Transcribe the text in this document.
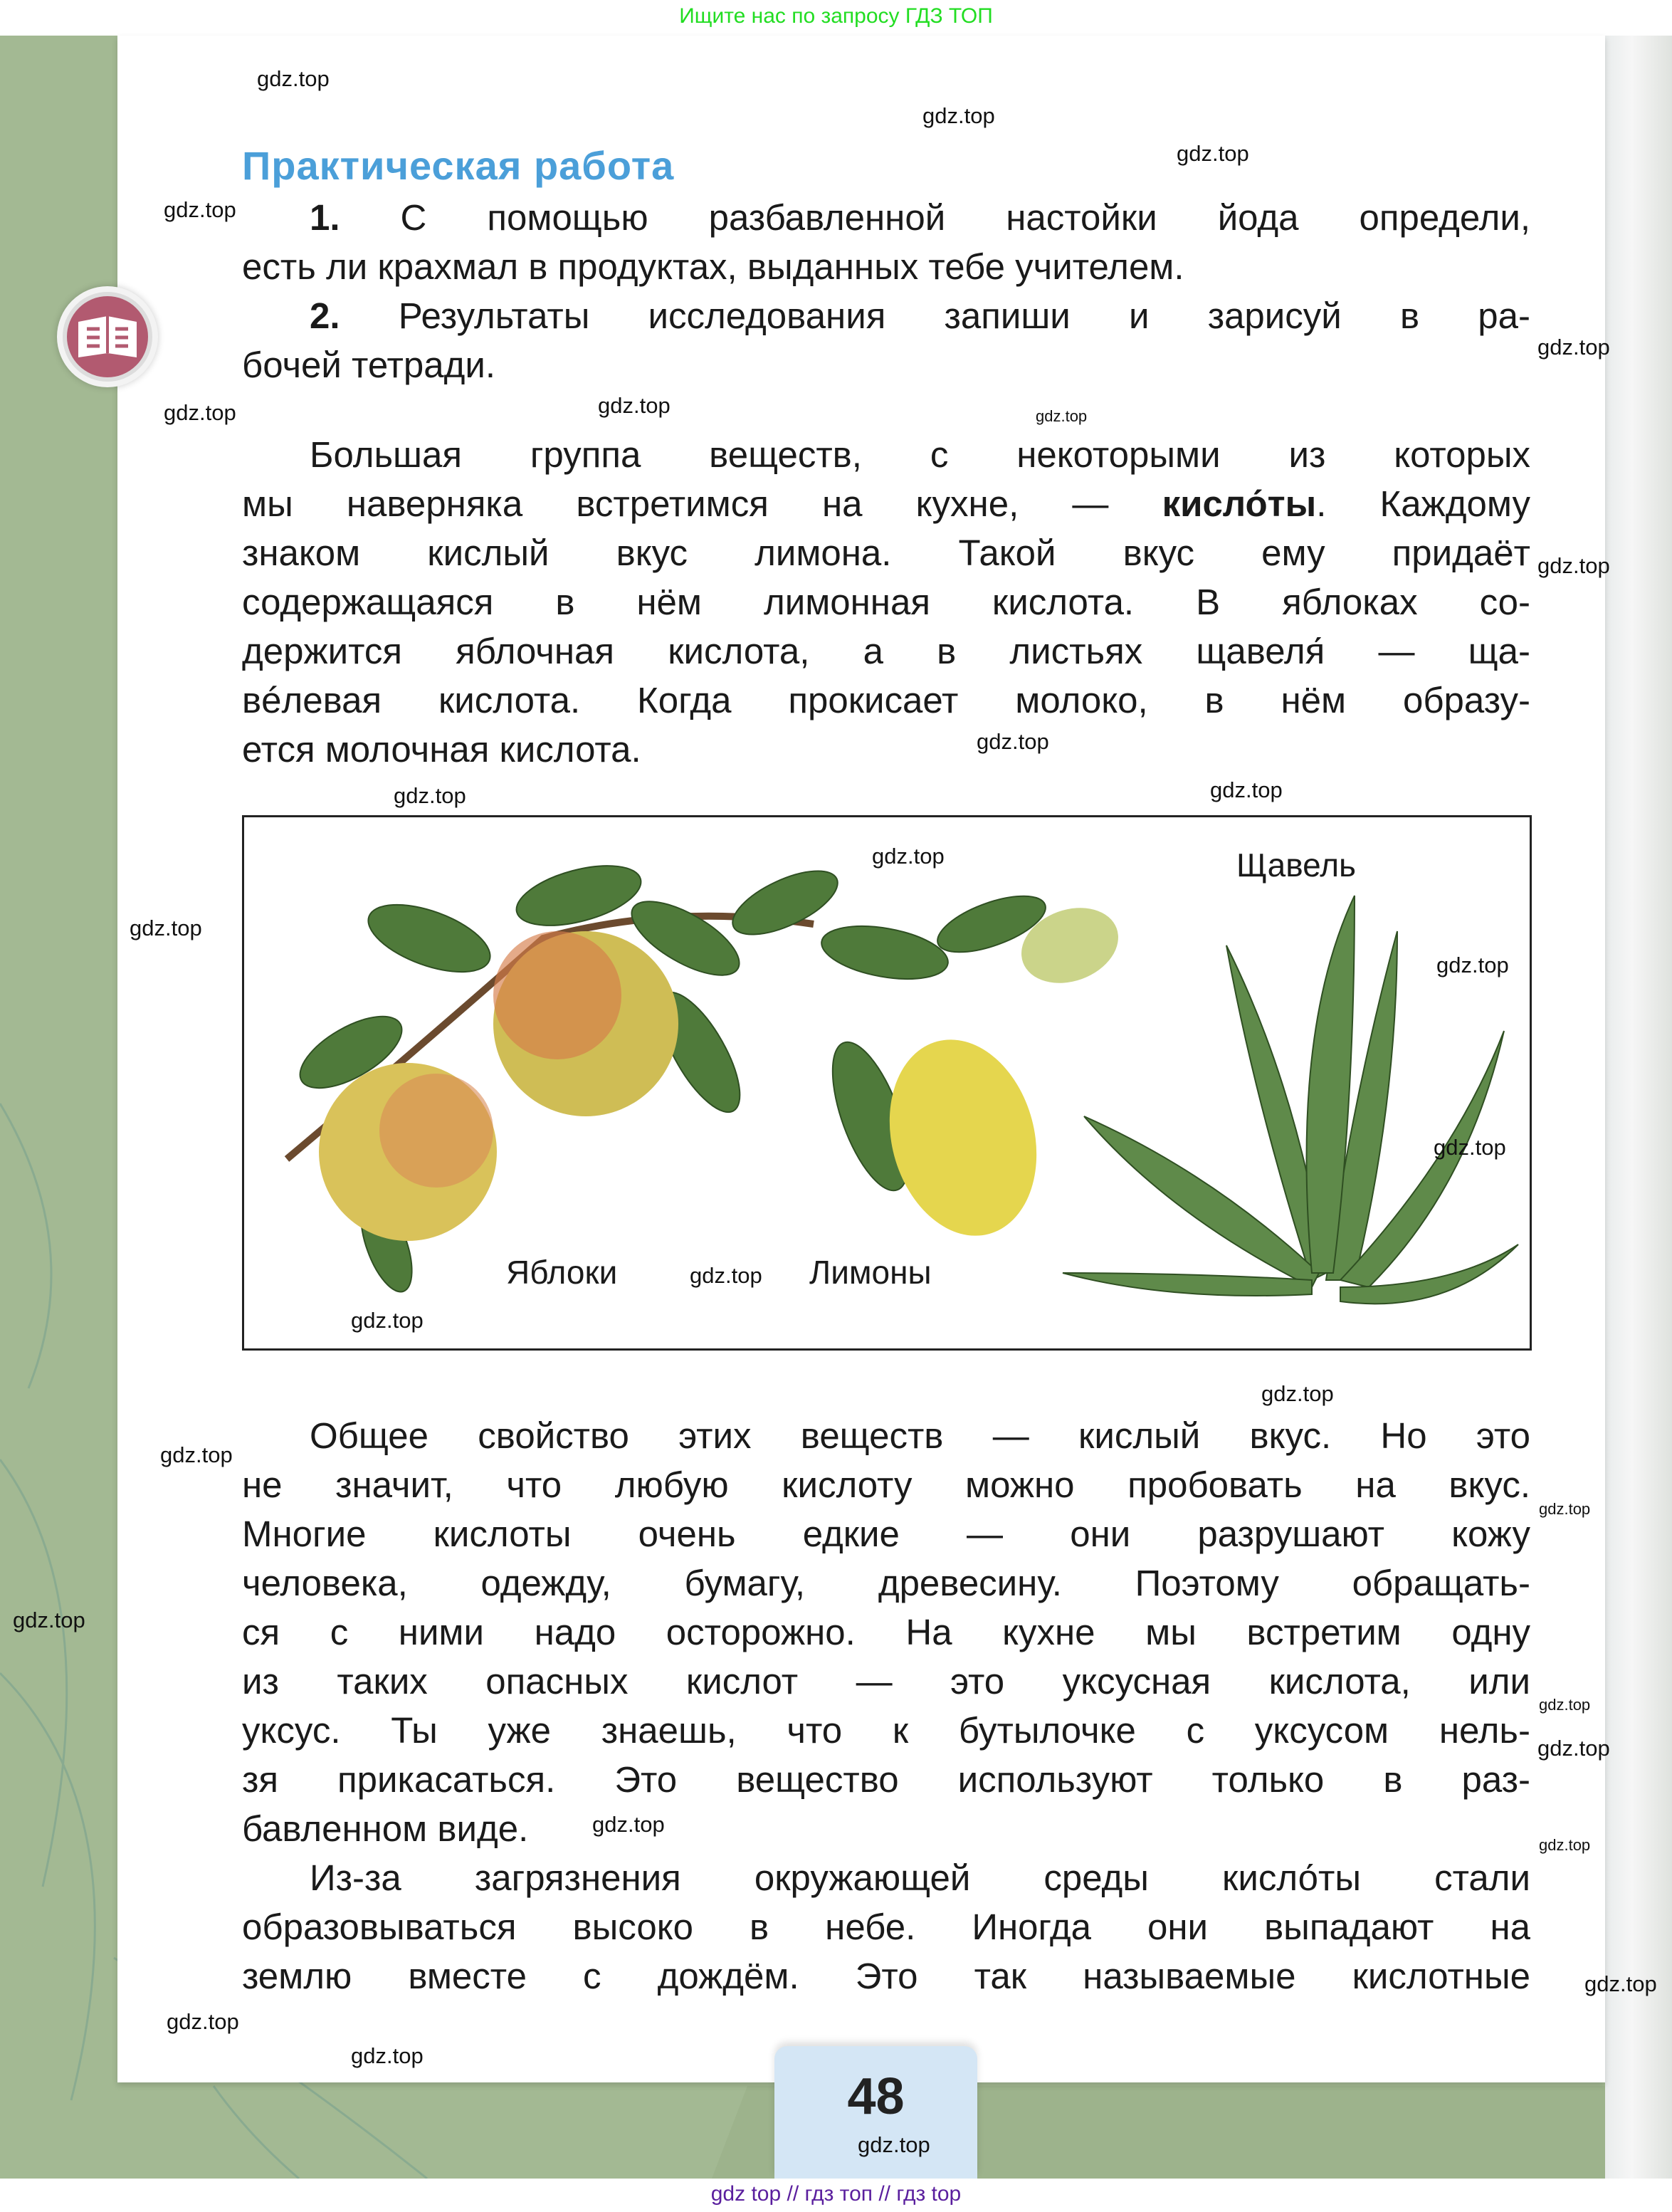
Ищите нас по запросу ГДЗ ТОП
Практическая работа
1. С помощью разбавленной настойки йода определи,
есть ли крахмал в продуктах, выданных тебе учителем.
2. Результаты исследования запиши и зарисуй в ра-
бочей тетради.
Большая группа веществ, с некоторыми из которых
мы наверняка встретимся на кухне, — кисло́ты. Каждому
знаком кислый вкус лимона. Такой вкус ему придаёт
содержащаяся в нём лимонная кислота. В яблоках со-
держится яблочная кислота, а в листьях щавеля́ — ща-
вéлевая кислота. Когда прокисает молоко, в нём образу-
ется молочная кислота.
Общее свойство этих веществ — кислый вкус. Но это
не значит, что любую кислоту можно пробовать на вкус.
Многие кислоты очень едкие — они разрушают кожу
человека, одежду, бумагу, древесину. Поэтому обращать-
ся с ними надо осторожно. На кухне мы встретим одну
из таких опасных кислот — это уксусная кислота, или
уксус. Ты уже знаешь, что к бутылочке с уксусом нель-
зя прикасаться. Это вещество используют только в раз-
бавленном виде.
Из-за загрязнения окружающей среды кисло́ты стали
образовываться высоко в небе. Иногда они выпадают на
землю вместе с дождём. Это так называемые кислотные
Щавель
Яблоки	Лимоны
48
gdz.top
gdz.top
gdz.top
gdz.top
gdz.top
gdz.top
gdz.top	gdz.top
gdz.top
gdz.top
gdz.top
gdz.top
gdz.top
gdz.top
gdz.top
gdz.top
gdz.top
gdz.top
gdz.top
gdz.top
gdz.top
gdz.top
gdz.top
gdz.top
gdz.top
gdz.top
gdz.top
gdz.top
gdz.top
gdz.top
gdz top // гдз топ // гдз top
